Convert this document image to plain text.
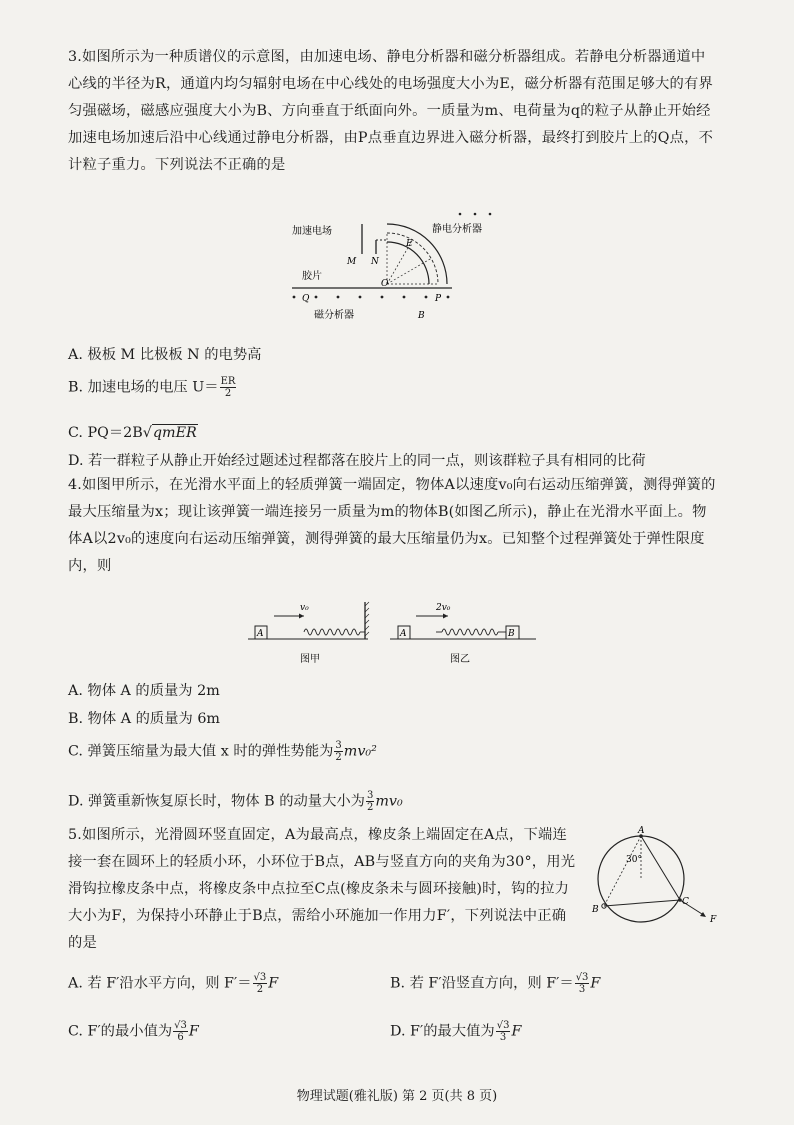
3.如图所示为一种质谱仪的示意图，由加速电场、静电分析器和磁分析器组成。若静电分析器通道中心线的半径为R，通道内均匀辐射电场在中心线处的电场强度大小为E，磁分析器有范围足够大的有界匀强磁场，磁感应强度大小为B、方向垂直于纸面向外。一质量为m、电荷量为q的粒子从静止开始经加速电场加速后沿中心线通过静电分析器，由P点垂直边界进入磁分析器，最终打到胶片上的Q点，不计粒子重力。下列说法不正确的是
加速电场
M N
E
静电分析器
O
胶片
Q	P
磁分析器	B
A. 极板 M 比极板 N 的电势高
B. 加速电场的电压 $U= \frac{ER}{2}$
C. PQ＝2B√qmER
D. 若一群粒子从静止开始经过题述过程都落在胶片上的同一点，则该群粒子具有相同的比荷
4.如图甲所示，在光滑水平面上的轻质弹簧一端固定，物体A以速度v₀向右运动压缩弹簧，测得弹簧的最大压缩量为x；现让该弹簧一端连接另一质量为m的物体B(如图乙所示)，静止在光滑水平面上。物体A以2v₀的速度向右运动压缩弹簧，测得弹簧的最大压缩量仍为x。已知整个过程弹簧处于弹性限度内，则
A
v₀
图甲
A	B
2v₀
图乙
A. 物体 A 的质量为 2m
B. 物体 A 的质量为 6m
C. 弹簧压缩量为最大值 x 时的弹性势能为 $\frac{3}{2} mv_0^2$
D. 弹簧重新恢复原长时，物体 B 的动量大小为 $\frac{3}{2} mv_0$
5.如图所示，光滑圆环竖直固定，A为最高点，橡皮条上端固定在A点，下端连接一套在圆环上的轻质小环，小环位于B点，AB与竖直方向的夹角为30°，用光滑钩拉橡皮条中点，将橡皮条中点拉至C点(橡皮条未与圆环接触)时，钩的拉力大小为F，为保持小环静止于B点，需给小环施加一作用力F′，下列说法中正确的是
A
30°
B
C
F
A. 若 F′沿水平方向，则 $F'= \frac{√3}{2}$ F	B. 若 F′沿竖直方向，则 $F'= \frac{√3}{3}$ F
C. F′的最小值为 $\frac{√3}{6}$ F	D. F′的最大值为 $\frac{√3}{3}$ F
物理试题(雅礼版) 第 2 页(共 8 页)
